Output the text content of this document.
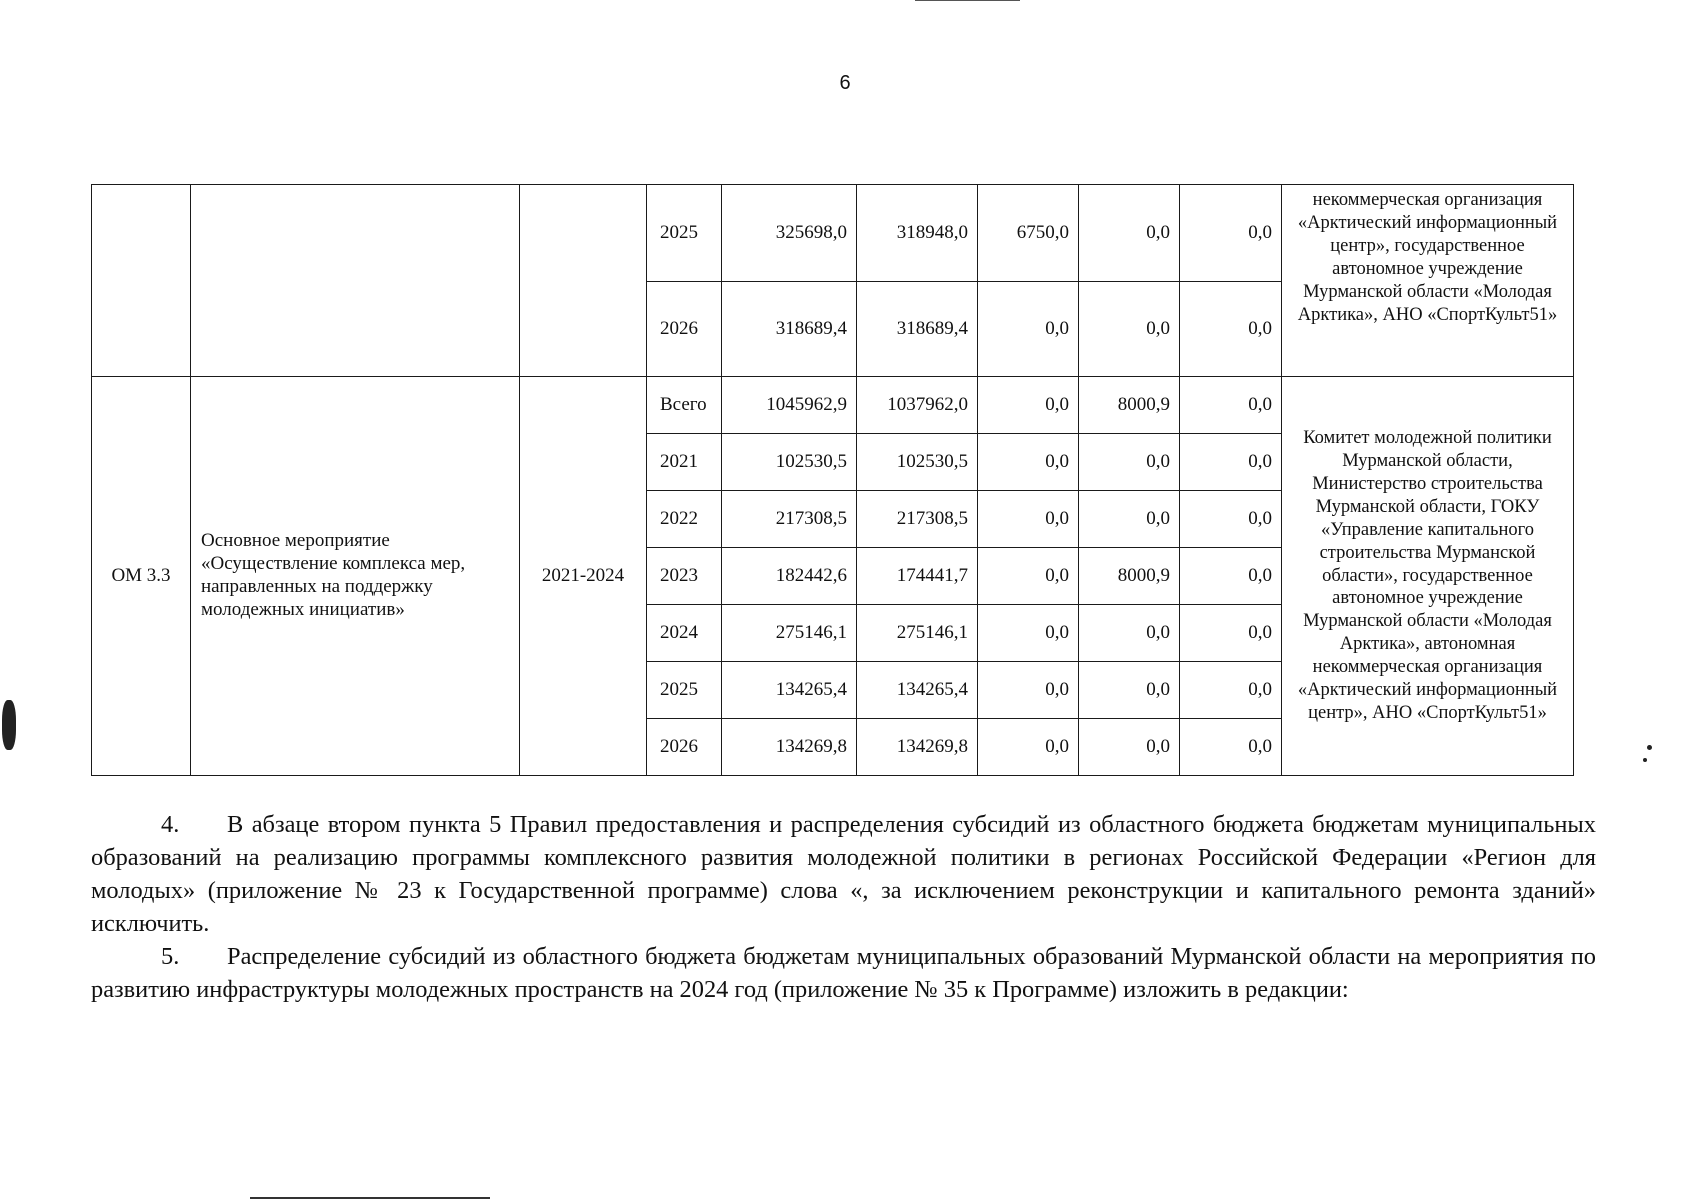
6
			2025	325698,0	318948,0	6750,0	0,0	0,0	некоммерческая организация «Арктический информационный центр», государственное автономное учреждение Мурманской области «Молодая Арктика», АНО «СпортКульт51»
			2026	318689,4	318689,4	0,0	0,0	0,0	
ОМ 3.3	Основное мероприятие «Осуществление комплекса мер, направленных на поддержку молодежных инициатив»	2021-2024	Всего	1045962,9	1037962,0	0,0	8000,9	0,0	Комитет молодежной политики Мурманской области, Министерство строительства Мурманской области, ГОКУ «Управление капитального строительства Мурманской области», государственное автономное учреждение Мурманской области «Молодая Арктика», автономная некоммерческая организация «Арктический информационный центр», АНО «СпортКульт51»
			2021	102530,5	102530,5	0,0	0,0	0,0	
			2022	217308,5	217308,5	0,0	0,0	0,0	
			2023	182442,6	174441,7	0,0	8000,9	0,0	
			2024	275146,1	275146,1	0,0	0,0	0,0	
			2025	134265,4	134265,4	0,0	0,0	0,0	
			2026	134269,8	134269,8	0,0	0,0	0,0	

4. В абзаце втором пункта 5 Правил предоставления и распределения субсидий из областного бюджета бюджетам муниципальных образований на реализацию программы комплексного развития молодежной политики в регионах Российской Федерации «Регион для молодых» (приложение № 23 к Государственной программе) слова «, за исключением реконструкции и капитального ремонта зданий» исключить.

5. Распределение субсидий из областного бюджета бюджетам муниципальных образований Мурманской области на мероприятия по развитию инфраструктуры молодежных пространств на 2024 год (приложение № 35 к Программе) изложить в редакции:
